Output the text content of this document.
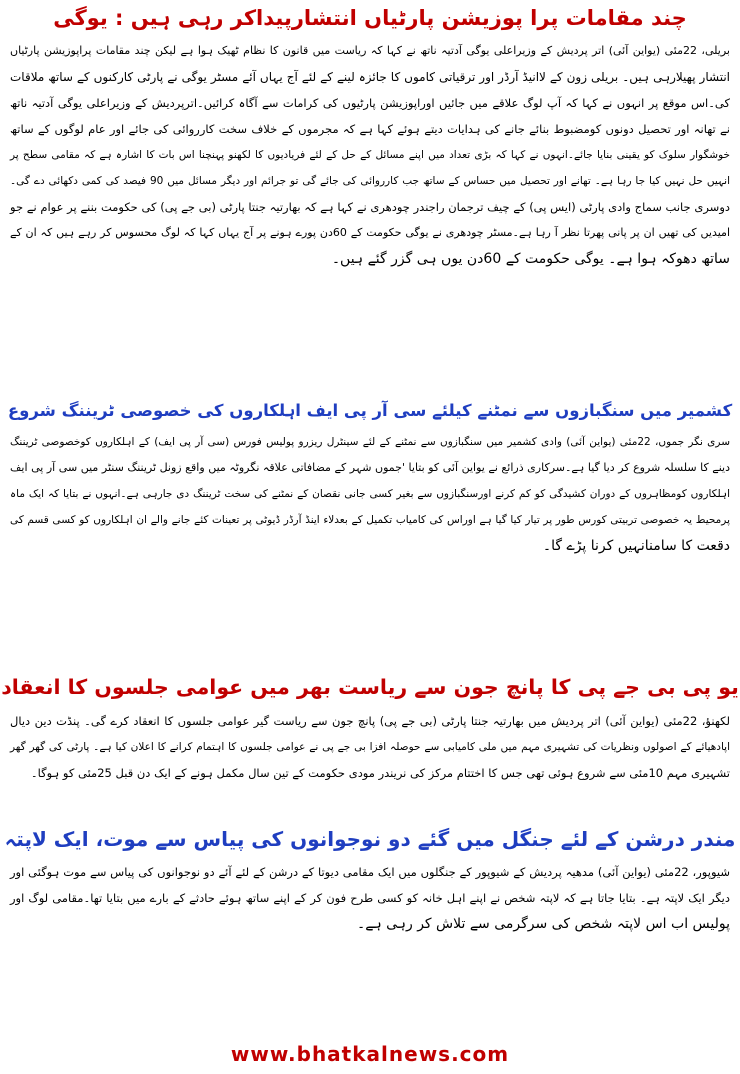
چند مقامات پرا پوزیشن پارٹیاں انتشارپیداکر رہی ہیں : یوگی
بریلی، 22مئی (یواین آئی) اتر پردیش کے وزیراعلی یوگی آدتیہ ناتھ نے کہا کہ ریاست میں قانون کا نظام ٹھیک ہوا ہے لیکن چند مقامات پراپوزیشن پارٹیاں
انتشار پھیلارہی ہیں۔ بریلی زون کے لاانیڈ آرڈر اور ترقیاتی کاموں کا جائزہ لینے کے لئے آج یہاں آئے مسٹر یوگی نے پارٹی کارکنوں کے ساتھ ملاقات
کی۔اس موقع پر انہوں نے کہا کہ آپ لوگ علاقے میں جائیں اوراپوزیشن پارٹیوں کی کرامات سے آگاہ کرائیں۔اترپردیش کے وزیراعلی یوگی آدتیہ ناتھ
نے تھانہ اور تحصیل دونوں کومضبوط بنائے جانے کی ہدایات دیتے ہوئے کہا ہے کہ مجرموں کے خلاف سخت کارروائی کی جائے اور عام لوگوں کے ساتھ
خوشگوار سلوک کو یقینی بنایا جائے۔انہوں نے کہا کہ بڑی تعداد میں اپنے مسائل کے حل کے لئے فریادیوں کا لکھنو پہنچنا اس بات کا اشارہ ہے کہ مقامی سطح پر
انہیں حل نہیں کیا جا رہا ہے۔ تھانے اور تحصیل میں حساس کے ساتھ جب کارروائی کی جائے گی تو جرائم اور دیگر مسائل میں 90 فیصد کی کمی دکھائی دے گی۔
دوسری جانب سماج وادی پارٹی (ایس پی) کے چیف ترجمان راجندر چودھری نے کہا ہے کہ بھارتیہ جنتا پارٹی (بی جے پی) کی حکومت بننے پر عوام نے جو
امیدیں کی تھیں ان پر پانی پھرتا نظر آ رہا ہے۔مسٹر چودھری نے یوگی حکومت کے 60دن پورے ہونے پر آج یہاں کہا کہ لوگ محسوس کر رہے ہیں کہ ان کے
ساتھ دھوکہ ہوا ہے۔ یوگی حکومت کے 60دن یوں ہی گزر گئے ہیں۔
کشمیر میں سنگبازوں سے نمٹنے کیلئے سی آر پی ایف اہلکاروں کی خصوصی ٹریننگ شروع
سری نگر جموں، 22مئی (یواین آئی) وادی کشمیر میں سنگبازوں سے نمٹنے کے لئے سینٹرل ریزرو پولیس فورس (سی آر پی ایف) کے اہلکاروں کوخصوصی ٹریننگ
دینے کا سلسلہ شروع کر دیا گیا ہے۔سرکاری ذرائع نے یواین آئی کو بتایا 'جموں شہر کے مضافاتی علاقہ نگروٹہ میں واقع زونل ٹریننگ سنٹر میں سی آر پی ایف
اہلکاروں کومظاہروں کے دوران کشیدگی کو کم کرنے اورسنگبازوں سے بغیر کسی جانی نقصان کے نمٹنے کی سخت ٹریننگ دی جارہی ہے۔انہوں نے بتایا کہ ایک ماہ
پرمحیط یہ خصوصی تربیتی کورس طور پر تیار کیا گیا ہے اوراس کی کامیاب تکمیل کے بعدلاء اینڈ آرڈر ڈیوٹی پر تعینات کئے جانے والے ان اہلکاروں کو کسی قسم کی
دقعت کا سامنانہیں کرنا پڑے گا۔
یو پی بی جے پی کا پانچ جون سے ریاست بھر میں عوامی جلسوں کا انعقاد
لکھنؤ، 22مئی (یواین آئی) اتر پردیش میں بھارتیہ جنتا پارٹی (بی جے پی) پانچ جون سے ریاست گیر عوامی جلسوں کا انعقاد کرے گی۔ پنڈت دین دیال
اپادھیائے کے اصولوں ونظریات کی تشہیری مہم میں ملی کامیابی سے حوصلہ افزا بی جے پی نے عوامی جلسوں کا اہتمام کرانے کا اعلان کیا ہے۔ پارٹی کی گھر گھر
تشہیری مہم 10مئی سے شروع ہوئی تھی جس کا اختتام مرکز کی نریندر مودی حکومت کے تین سال مکمل ہونے کے ایک دن قبل 25مئی کو ہوگا۔
مندر درشن کے لئے جنگل میں گئے دو نوجوانوں کی پیاس سے موت، ایک لاپتہ
شیوپور، 22مئی (یواین آئی) مدھیہ پردیش کے شیوپور کے جنگلوں میں ایک مقامی دیوتا کے درشن کے لئے آئے دو نوجوانوں کی پیاس سے موت ہوگئی اور
دیگر ایک لاپتہ ہے۔ بتایا جاتا ہے کہ لاپتہ شخص نے اپنے اہل خانہ کو کسی طرح فون کر کے اپنے ساتھ ہوئے حادثے کے بارے میں بتایا تھا۔مقامی لوگ اور
پولیس اب اس لاپتہ شخص کی سرگرمی سے تلاش کر رہی ہے۔
www.bhatkalnews.com
